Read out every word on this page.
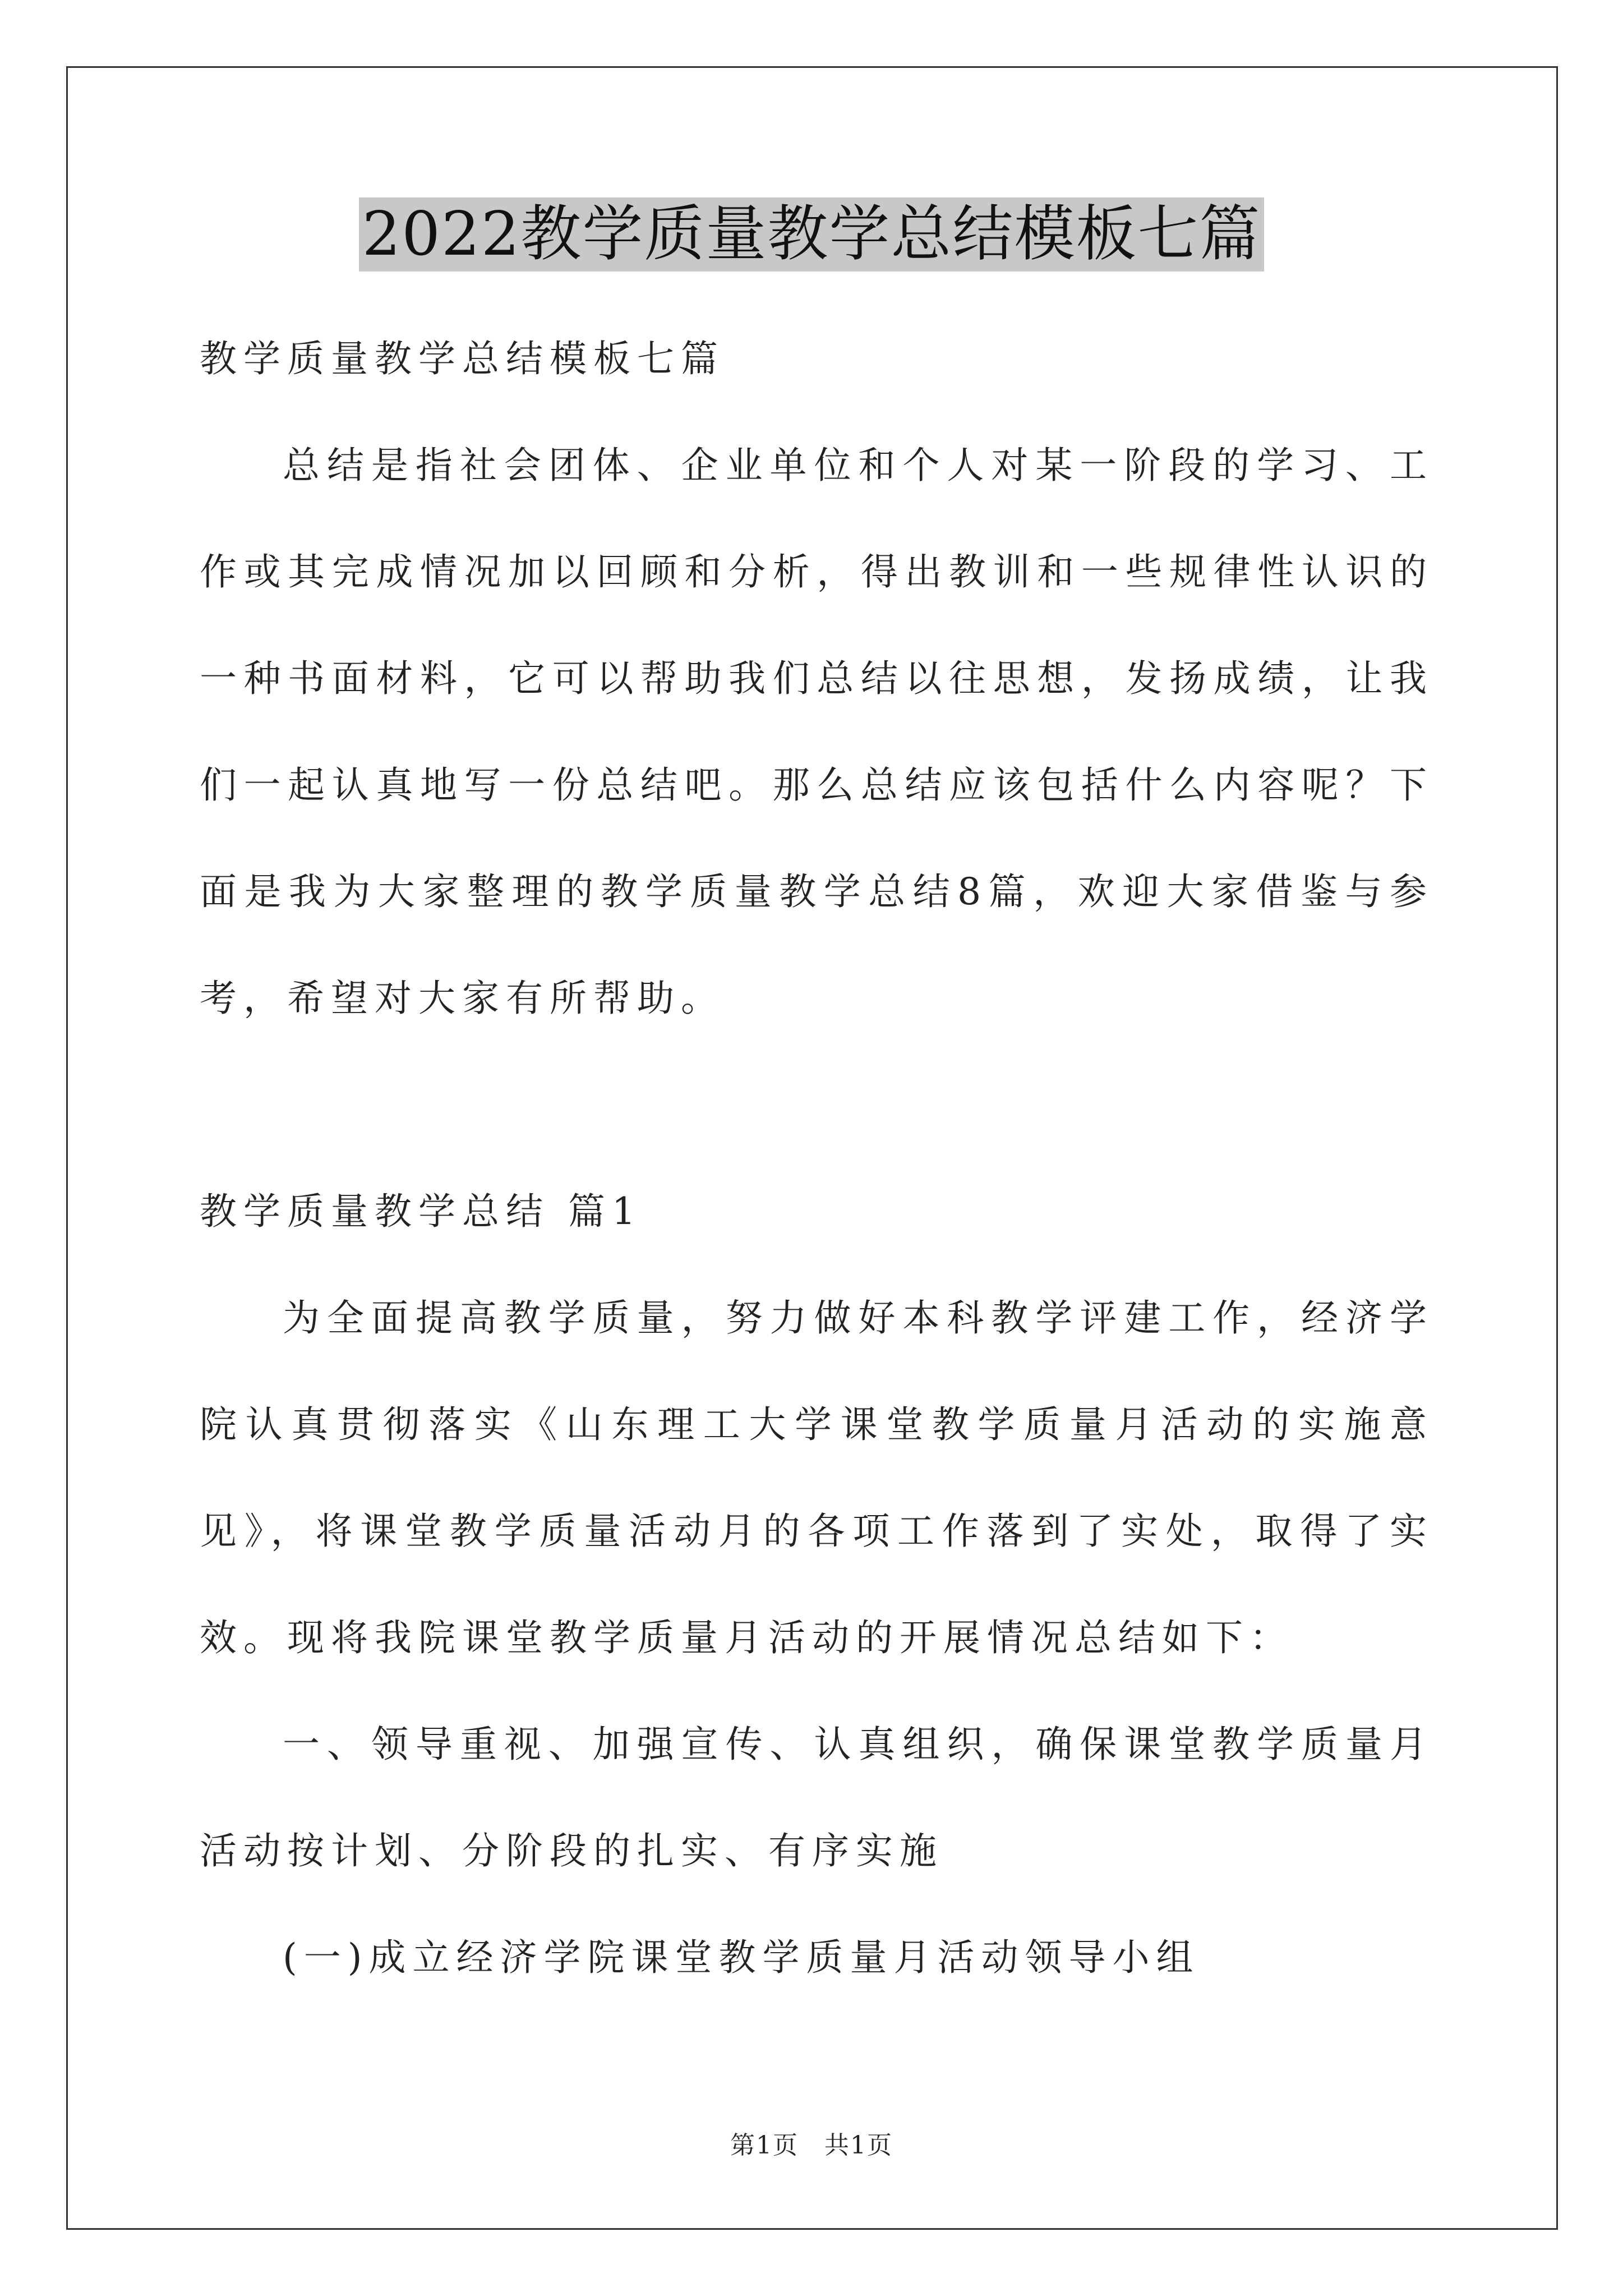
2022教学质量教学总结模板七篇

教学质量教学总结模板七篇

总结是指社会团体、企业单位和个人对某一阶段的学习、工作或其完成情况加以回顾和分析，得出教训和一些规律性认识的一种书面材料，它可以帮助我们总结以往思想，发扬成绩，让我们一起认真地写一份总结吧。那么总结应该包括什么内容呢？下面是我为大家整理的教学质量教学总结8篇，欢迎大家借鉴与参考，希望对大家有所帮助。

教学质量教学总结 篇1

为全面提高教学质量，努力做好本科教学评建工作，经济学院认真贯彻落实《山东理工大学课堂教学质量月活动的实施意见》，将课堂教学质量活动月的各项工作落到了实处，取得了实效。现将我院课堂教学质量月活动的开展情况总结如下：

一、领导重视、加强宣传、认真组织，确保课堂教学质量月活动按计划、分阶段的扎实、有序实施

(一)成立经济学院课堂教学质量月活动领导小组

第1页　共1页
